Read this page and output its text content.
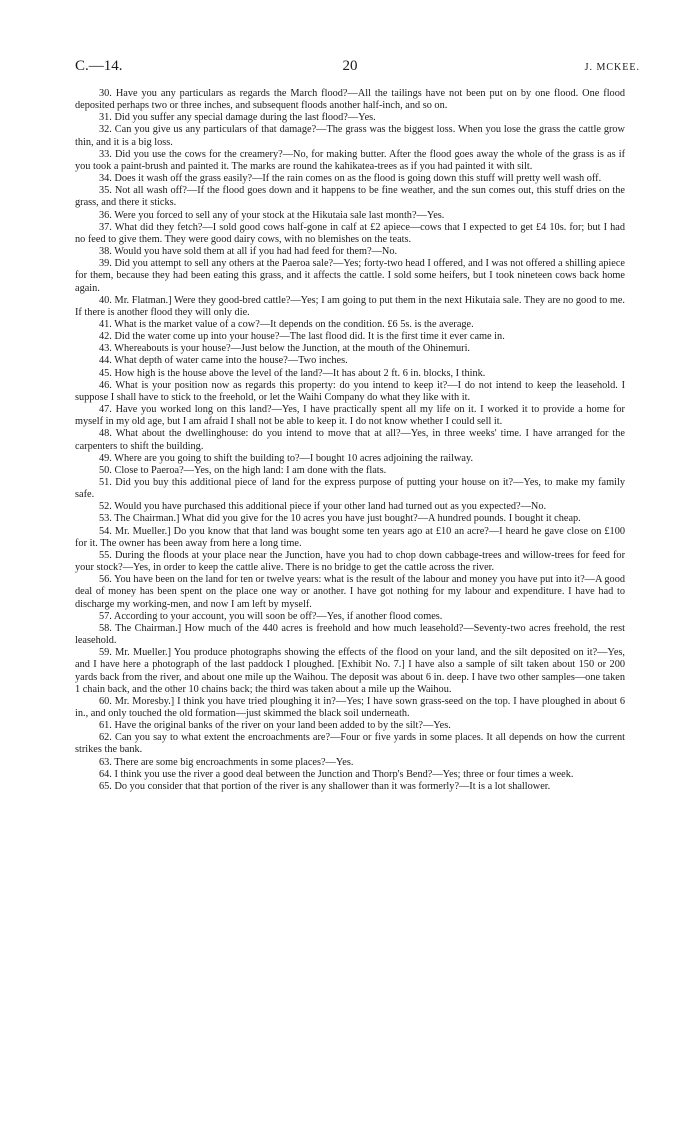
C.—14.	20	J. MCKEE.

30. Have you any particulars as regards the March flood?—All the tailings have not been put on by one flood. One flood deposited perhaps two or three inches, and subsequent floods another half-inch, and so on.

31. Did you suffer any special damage during the last flood?—Yes.

32. Can you give us any particulars of that damage?—The grass was the biggest loss. When you lose the grass the cattle grow thin, and it is a big loss.

33. Did you use the cows for the creamery?—No, for making butter. After the flood goes away the whole of the grass is as if you took a paint-brush and painted it. The marks are round the kahikatea-trees as if you had painted it with silt.

34. Does it wash off the grass easily?—If the rain comes on as the flood is going down this stuff will pretty well wash off.

35. Not all wash off?—If the flood goes down and it happens to be fine weather, and the sun comes out, this stuff dries on the grass, and there it sticks.

36. Were you forced to sell any of your stock at the Hikutaia sale last month?—Yes.

37. What did they fetch?—I sold good cows half-gone in calf at £2 apiece—cows that I expected to get £4 10s. for; but I had no feed to give them. They were good dairy cows, with no blemishes on the teats.

38. Would you have sold them at all if you had had feed for them?—No.

39. Did you attempt to sell any others at the Paeroa sale?—Yes; forty-two head I offered, and I was not offered a shilling apiece for them, because they had been eating this grass, and it affects the cattle. I sold some heifers, but I took nineteen cows back home again.

40. Mr. Flatman.] Were they good-bred cattle?—Yes; I am going to put them in the next Hikutaia sale. They are no good to me. If there is another flood they will only die.

41. What is the market value of a cow?—It depends on the condition. £6 5s. is the average.

42. Did the water come up into your house?—The last flood did. It is the first time it ever came in.

43. Whereabouts is your house?—Just below the Junction, at the mouth of the Ohinemuri.

44. What depth of water came into the house?—Two inches.

45. How high is the house above the level of the land?—It has about 2 ft. 6 in. blocks, I think.

46. What is your position now as regards this property: do you intend to keep it?—I do not intend to keep the leasehold. I suppose I shall have to stick to the freehold, or let the Waihi Company do what they like with it.

47. Have you worked long on this land?—Yes, I have practically spent all my life on it. I worked it to provide a home for myself in my old age, but I am afraid I shall not be able to keep it. I do not know whether I could sell it.

48. What about the dwellinghouse: do you intend to move that at all?—Yes, in three weeks' time. I have arranged for the carpenters to shift the building.

49. Where are you going to shift the building to?—I bought 10 acres adjoining the railway.

50. Close to Paeroa?—Yes, on the high land: I am done with the flats.

51. Did you buy this additional piece of land for the express purpose of putting your house on it?—Yes, to make my family safe.

52. Would you have purchased this additional piece if your other land had turned out as you expected?—No.

53. The Chairman.] What did you give for the 10 acres you have just bought?—A hundred pounds. I bought it cheap.

54. Mr. Mueller.] Do you know that that land was bought some ten years ago at £10 an acre?—I heard he gave close on £100 for it. The owner has been away from here a long time.

55. During the floods at your place near the Junction, have you had to chop down cabbage-trees and willow-trees for feed for your stock?—Yes, in order to keep the cattle alive. There is no bridge to get the cattle across the river.

56. You have been on the land for ten or twelve years: what is the result of the labour and money you have put into it?—A good deal of money has been spent on the place one way or another. I have got nothing for my labour and expenditure. I have had to discharge my working-men, and now I am left by myself.

57. According to your account, you will soon be off?—Yes, if another flood comes.

58. The Chairman.] How much of the 440 acres is freehold and how much leasehold?—Seventy-two acres freehold, the rest leasehold.

59. Mr. Mueller.] You produce photographs showing the effects of the flood on your land, and the silt deposited on it?—Yes, and I have here a photograph of the last paddock I ploughed. [Exhibit No. 7.] I have also a sample of silt taken about 150 or 200 yards back from the river, and about one mile up the Waihou. The deposit was about 6 in. deep. I have two other samples—one taken 1 chain back, and the other 10 chains back; the third was taken about a mile up the Waihou.

60. Mr. Moresby.] I think you have tried ploughing it in?—Yes; I have sown grass-seed on the top. I have ploughed in about 6 in., and only touched the old formation—just skimmed the black soil underneath.

61. Have the original banks of the river on your land been added to by the silt?—Yes.

62. Can you say to what extent the encroachments are?—Four or five yards in some places. It all depends on how the current strikes the bank.

63. There are some big encroachments in some places?—Yes.

64. I think you use the river a good deal between the Junction and Thorp's Bend?—Yes; three or four times a week.

65. Do you consider that that portion of the river is any shallower than it was formerly?—It is a lot shallower.
